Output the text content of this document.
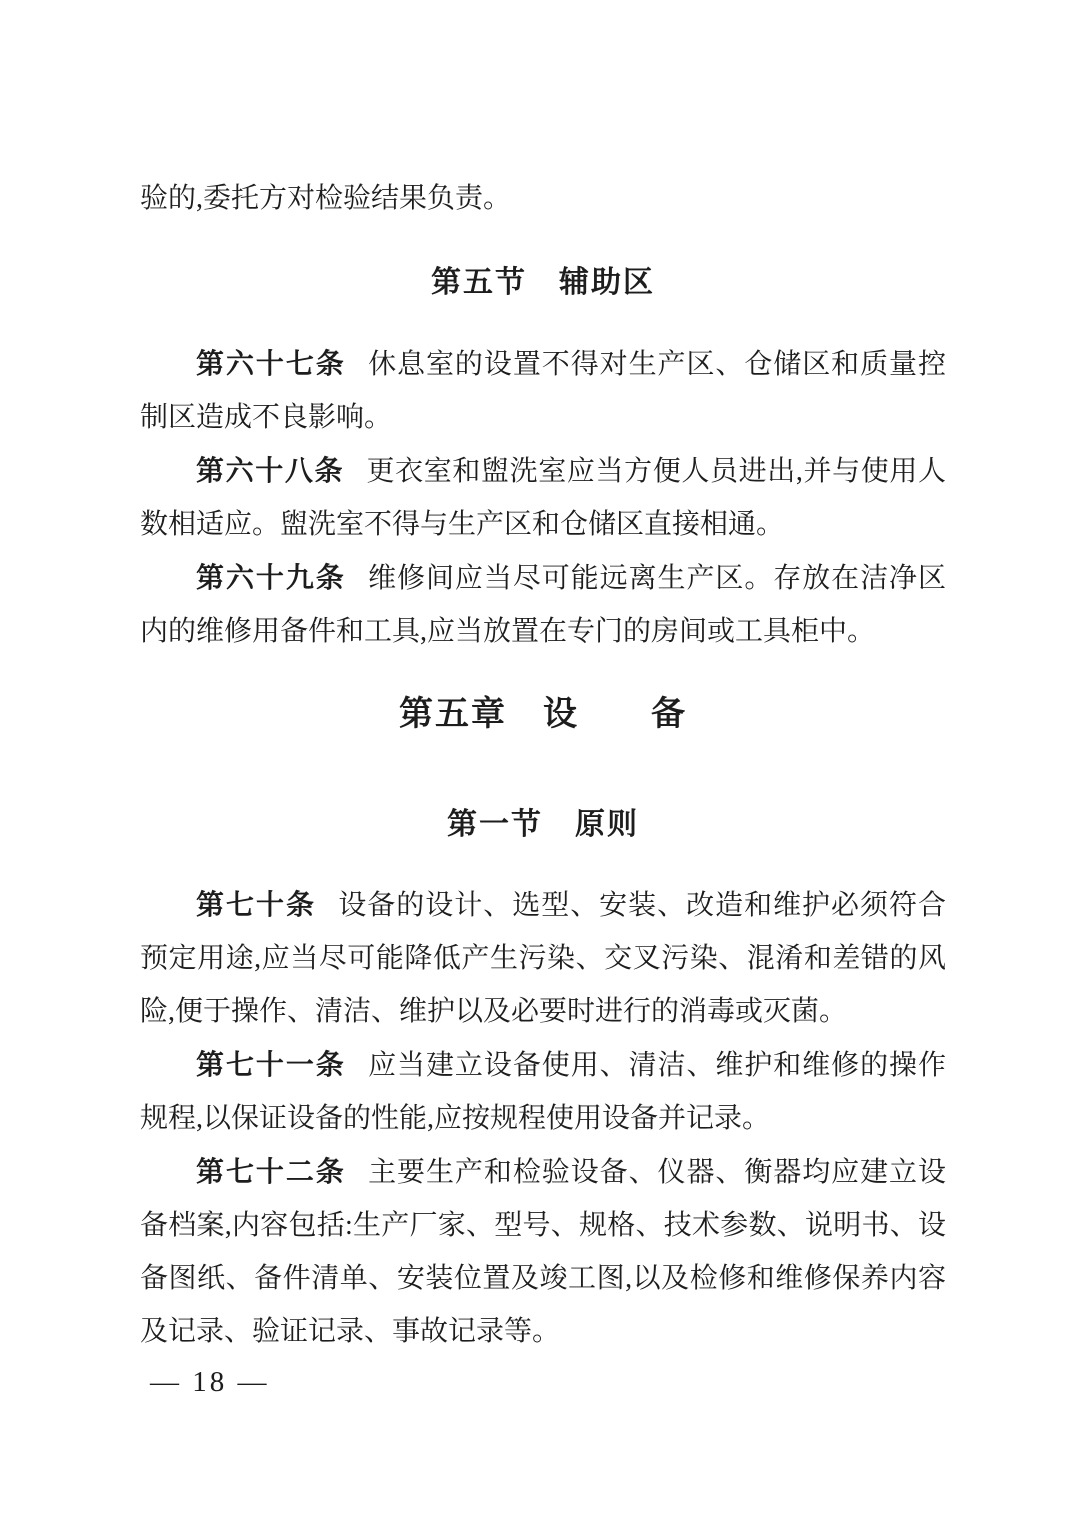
验的,委托方对检验结果负责。

第五节　辅助区

第六十七条 休息室的设置不得对生产区、仓储区和质量控制区造成不良影响。

第六十八条 更衣室和盥洗室应当方便人员进出,并与使用人数相适应。盥洗室不得与生产区和仓储区直接相通。

第六十九条 维修间应当尽可能远离生产区。存放在洁净区内的维修用备件和工具,应当放置在专门的房间或工具柜中。

第五章　设　　备
第一节　原则

第七十条 设备的设计、选型、安装、改造和维护必须符合预定用途,应当尽可能降低产生污染、交叉污染、混淆和差错的风险,便于操作、清洁、维护以及必要时进行的消毒或灭菌。

第七十一条 应当建立设备使用、清洁、维护和维修的操作规程,以保证设备的性能,应按规程使用设备并记录。

第七十二条 主要生产和检验设备、仪器、衡器均应建立设备档案,内容包括:生产厂家、型号、规格、技术参数、说明书、设备图纸、备件清单、安装位置及竣工图,以及检修和维修保养内容及记录、验证记录、事故记录等。

— 18 —
